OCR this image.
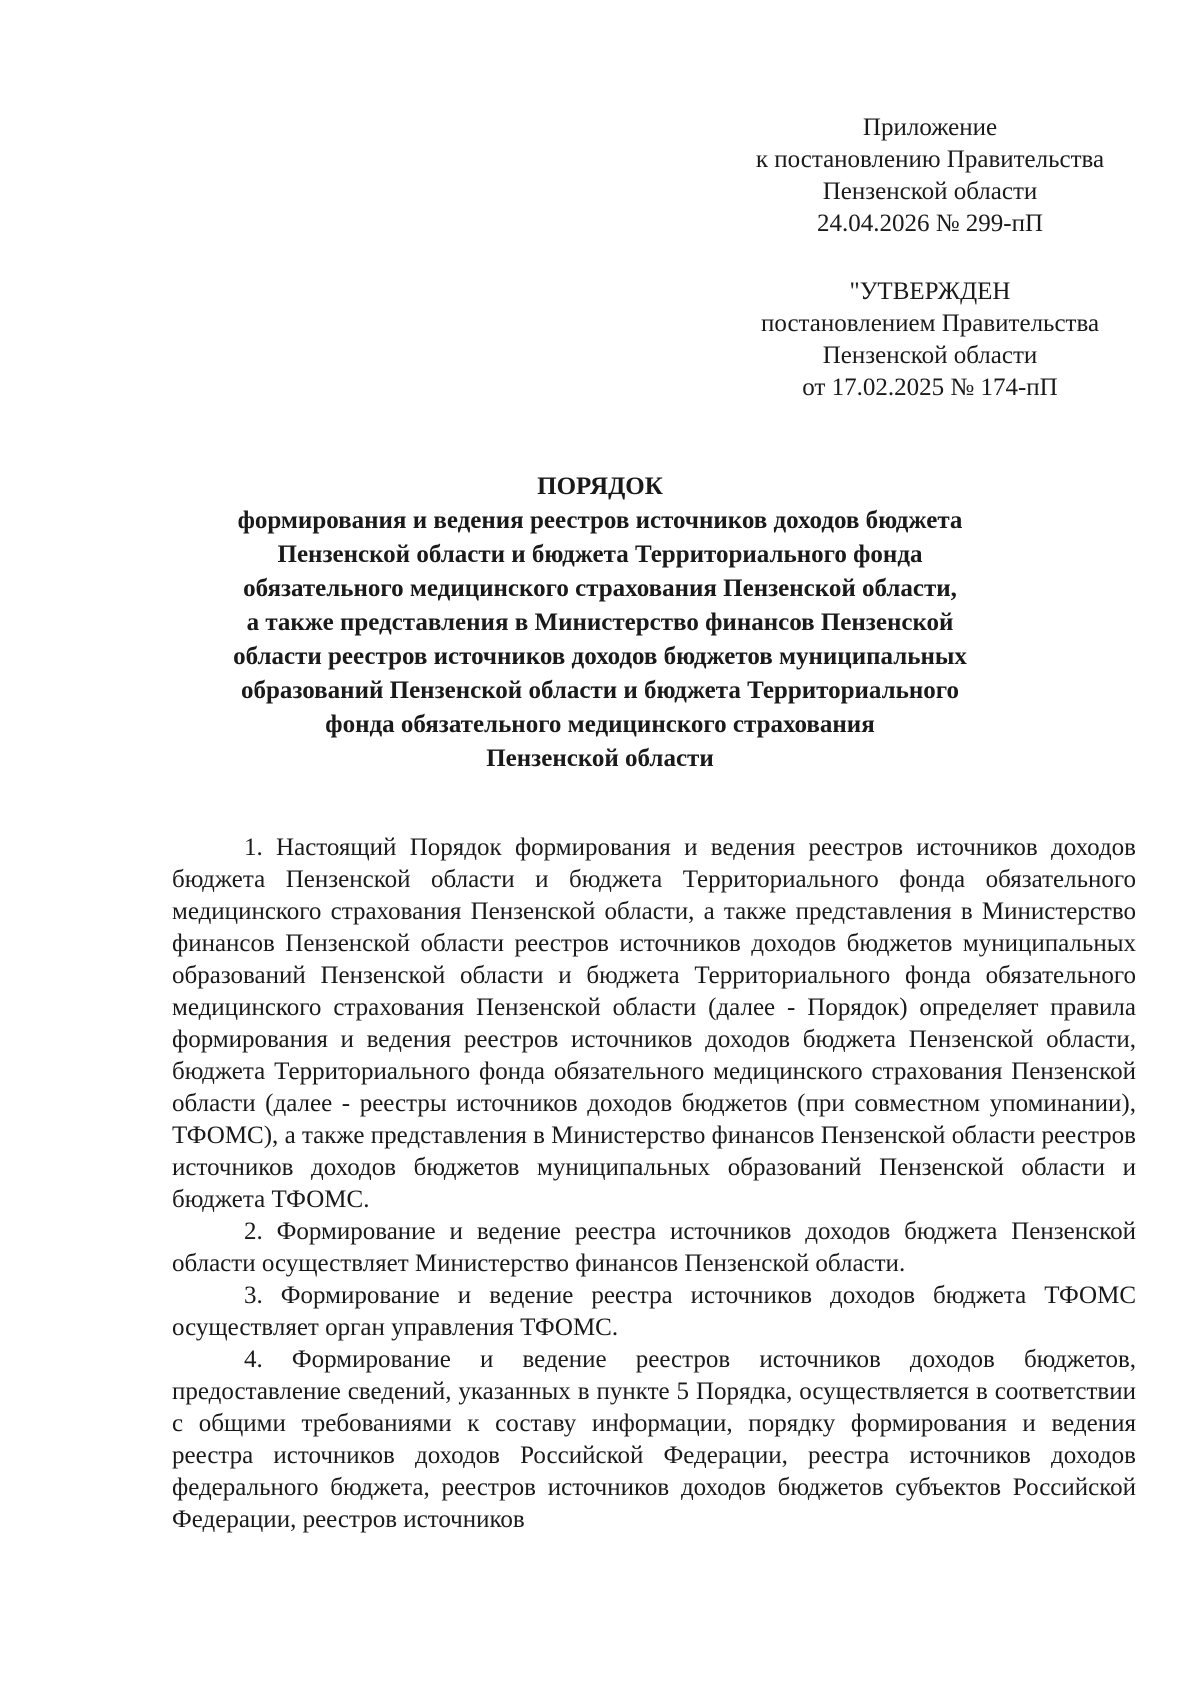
Приложение
к постановлению Правительства
Пензенской области
24.04.2026 № 299-пП
"УТВЕРЖДЕН
постановлением Правительства
Пензенской области
от 17.02.2025 № 174-пП
ПОРЯДОК
формирования и ведения реестров источников доходов бюджета
Пензенской области и бюджета Территориального фонда
обязательного медицинского страхования Пензенской области,
а также представления в Министерство финансов Пензенской
области реестров источников доходов бюджетов муниципальных
образований Пензенской области и бюджета Территориального
фонда обязательного медицинского страхования
Пензенской области

1. Настоящий Порядок формирования и ведения реестров источников доходов бюджета Пензенской области и бюджета Территориального фонда обязательного медицинского страхования Пензенской области, а также представления в Министерство финансов Пензенской области реестров источников доходов бюджетов муниципальных образований Пензенской области и бюджета Территориального фонда обязательного медицинского страхования Пензенской области (далее - Порядок) определяет правила формирования и ведения реестров источников доходов бюджета Пензенской области, бюджета Территориального фонда обязательного медицинского страхования Пензенской области (далее - реестры источников доходов бюджетов (при совместном упоминании), ТФОМС), а также представления в Министерство финансов Пензенской области реестров источников доходов бюджетов муниципальных образований Пензенской области и бюджета ТФОМС.

2. Формирование и ведение реестра источников доходов бюджета Пензенской области осуществляет Министерство финансов Пензенской области.

3. Формирование и ведение реестра источников доходов бюджета ТФОМС осуществляет орган управления ТФОМС.

4. Формирование и ведение реестров источников доходов бюджетов, предоставление сведений, указанных в пункте 5 Порядка, осуществляется в соответствии с общими требованиями к составу информации, порядку формирования и ведения реестра источников доходов Российской Федерации, реестра источников доходов федерального бюджета, реестров источников доходов бюджетов субъектов Российской Федерации, реестров источников
